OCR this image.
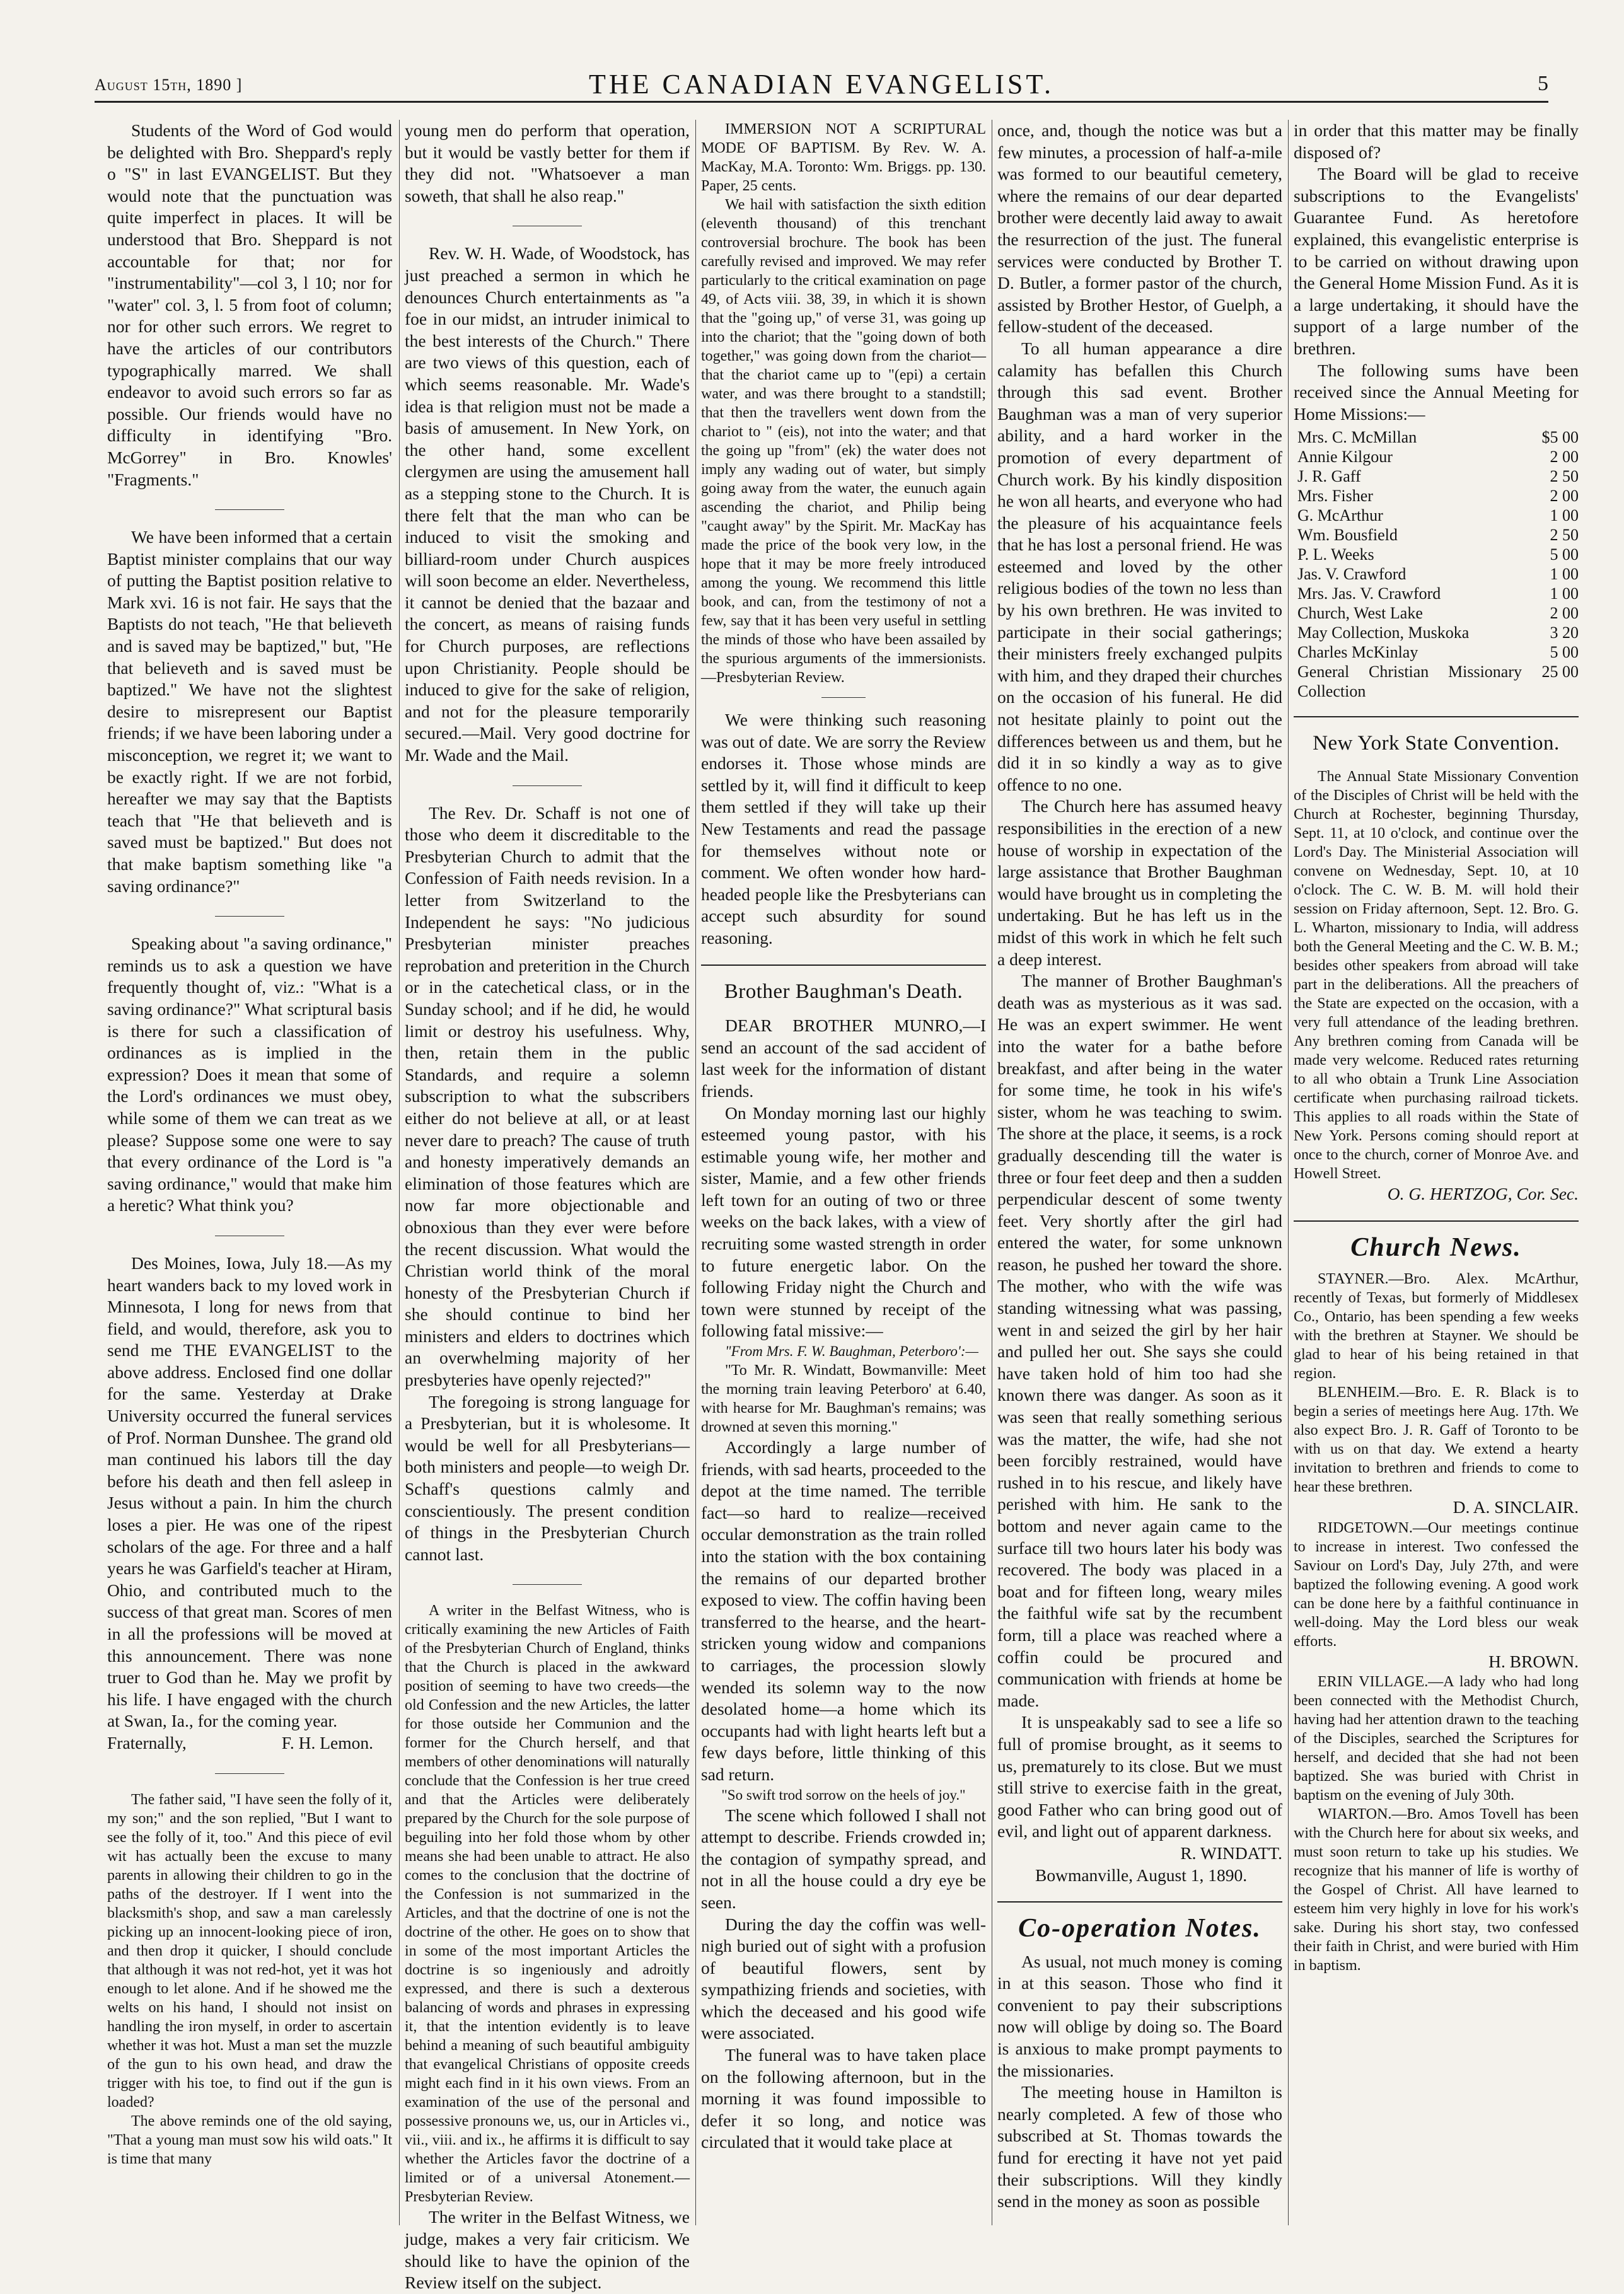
August 15th, 1890 ]	THE CANADIAN EVANGELIST.	5

Students of the Word of God would be delighted with Bro. Sheppard's reply o "S" in last EVANGELIST. But they would note that the punctuation was quite imperfect in places. It will be understood that Bro. Sheppard is not accountable for that; nor for "instrumentability"—col 3, l 10; nor for "water" col. 3, l. 5 from foot of column; nor for other such errors. We regret to have the articles of our contributors typographically marred. We shall endeavor to avoid such errors so far as possible. Our friends would have no difficulty in identifying "Bro. McGorrey" in Bro. Knowles' "Fragments."

We have been informed that a certain Baptist minister complains that our way of putting the Baptist position relative to Mark xvi. 16 is not fair. He says that the Baptists do not teach, "He that believeth and is saved may be baptized," but, "He that believeth and is saved must be baptized." We have not the slightest desire to misrepresent our Baptist friends; if we have been laboring under a misconception, we regret it; we want to be exactly right. If we are not forbid, hereafter we may say that the Baptists teach that "He that believeth and is saved must be baptized." But does not that make baptism something like "a saving ordinance?"

Speaking about "a saving ordinance," reminds us to ask a question we have frequently thought of, viz.: "What is a saving ordinance?" What scriptural basis is there for such a classification of ordinances as is implied in the expression? Does it mean that some of the Lord's ordinances we must obey, while some of them we can treat as we please? Suppose some one were to say that every ordinance of the Lord is "a saving ordinance," would that make him a heretic? What think you?

Des Moines, Iowa, July 18.—As my heart wanders back to my loved work in Minnesota, I long for news from that field, and would, therefore, ask you to send me THE EVANGELIST to the above address. Enclosed find one dollar for the same. Yesterday at Drake University occurred the funeral services of Prof. Norman Dunshee. The grand old man continued his labors till the day before his death and then fell asleep in Jesus without a pain. In him the church loses a pier. He was one of the ripest scholars of the age. For three and a half years he was Garfield's teacher at Hiram, Ohio, and contributed much to the success of that great man. Scores of men in all the professions will be moved at this announcement. There was none truer to God than he. May we profit by his life. I have engaged with the church at Swan, Ia., for the coming year.

Fraternally,	F. H. Lemon.

The father said, "I have seen the folly of it, my son;" and the son replied, "But I want to see the folly of it, too." And this piece of evil wit has actually been the excuse to many parents in allowing their children to go in the paths of the destroyer. If I went into the blacksmith's shop, and saw a man carelessly picking up an innocent-looking piece of iron, and then drop it quicker, I should conclude that although it was not red-hot, yet it was hot enough to let alone. And if he showed me the welts on his hand, I should not insist on handling the iron myself, in order to ascertain whether it was hot. Must a man set the muzzle of the gun to his own head, and draw the trigger with his toe, to find out if the gun is loaded?

The above reminds one of the old saying, "That a young man must sow his wild oats." It is time that many

young men do perform that operation, but it would be vastly better for them if they did not. "Whatsoever a man soweth, that shall he also reap."

Rev. W. H. Wade, of Woodstock, has just preached a sermon in which he denounces Church entertainments as "a foe in our midst, an intruder inimical to the best interests of the Church." There are two views of this question, each of which seems reasonable. Mr. Wade's idea is that religion must not be made a basis of amusement. In New York, on the other hand, some excellent clergymen are using the amusement hall as a stepping stone to the Church. It is there felt that the man who can be induced to visit the smoking and billiard-room under Church auspices will soon become an elder. Nevertheless, it cannot be denied that the bazaar and the concert, as means of raising funds for Church purposes, are reflections upon Christianity. People should be induced to give for the sake of religion, and not for the pleasure temporarily secured.—Mail. Very good doctrine for Mr. Wade and the Mail.

The Rev. Dr. Schaff is not one of those who deem it discreditable to the Presbyterian Church to admit that the Confession of Faith needs revision. In a letter from Switzerland to the Independent he says: "No judicious Presbyterian minister preaches reprobation and preterition in the Church or in the catechetical class, or in the Sunday school; and if he did, he would limit or destroy his usefulness. Why, then, retain them in the public Standards, and require a solemn subscription to what the subscribers either do not believe at all, or at least never dare to preach? The cause of truth and honesty imperatively demands an elimination of those features which are now far more objectionable and obnoxious than they ever were before the recent discussion. What would the Christian world think of the moral honesty of the Presbyterian Church if she should continue to bind her ministers and elders to doctrines which an overwhelming majority of her presbyteries have openly rejected?"

The foregoing is strong language for a Presbyterian, but it is wholesome. It would be well for all Presbyterians—both ministers and people—to weigh Dr. Schaff's questions calmly and conscientiously. The present condition of things in the Presbyterian Church cannot last.

A writer in the Belfast Witness, who is critically examining the new Articles of Faith of the Presbyterian Church of England, thinks that the Church is placed in the awkward position of seeming to have two creeds—the old Confession and the new Articles, the latter for those outside her Communion and the former for the Church herself, and that members of other denominations will naturally conclude that the Confession is her true creed and that the Articles were deliberately prepared by the Church for the sole purpose of beguiling into her fold those whom by other means she had been unable to attract. He also comes to the conclusion that the doctrine of the Confession is not summarized in the Articles, and that the doctrine of one is not the doctrine of the other. He goes on to show that in some of the most important Articles the doctrine is so ingeniously and adroitly expressed, and there is such a dexterous balancing of words and phrases in expressing it, that the intention evidently is to leave behind a meaning of such beautiful ambiguity that evangelical Christians of opposite creeds might each find in it his own views. From an examination of the use of the personal and possessive pronouns we, us, our in Articles vi., vii., viii. and ix., he affirms it is difficult to say whether the Articles favor the doctrine of a limited or of a universal Atonement.—Presbyterian Review.

The writer in the Belfast Witness, we judge, makes a very fair criticism. We should like to have the opinion of the Review itself on the subject.

IMMERSION NOT A SCRIPTURAL MODE OF BAPTISM. By Rev. W. A. MacKay, M.A. Toronto: Wm. Briggs. pp. 130. Paper, 25 cents.

We hail with satisfaction the sixth edition (eleventh thousand) of this trenchant controversial brochure. The book has been carefully revised and improved. We may refer particularly to the critical examination on page 49, of Acts viii. 38, 39, in which it is shown that the "going up," of verse 31, was going up into the chariot; that the "going down of both together," was going down from the chariot—that the chariot came up to "(epi) a certain water, and was there brought to a standstill; that then the travellers went down from the chariot to " (eis), not into the water; and that the going up "from" (ek) the water does not imply any wading out of water, but simply going away from the water, the eunuch again ascending the chariot, and Philip being "caught away" by the Spirit. Mr. MacKay has made the price of the book very low, in the hope that it may be more freely introduced among the young. We recommend this little book, and can, from the testimony of not a few, say that it has been very useful in settling the minds of those who have been assailed by the spurious arguments of the immersionists.—Presbyterian Review.

We were thinking such reasoning was out of date. We are sorry the Review endorses it. Those whose minds are settled by it, will find it difficult to keep them settled if they will take up their New Testaments and read the passage for themselves without note or comment. We often wonder how hard-headed people like the Presbyterians can accept such absurdity for sound reasoning.

Brother Baughman's Death.

DEAR BROTHER MUNRO,—I send an account of the sad accident of last week for the information of distant friends.

On Monday morning last our highly esteemed young pastor, with his estimable young wife, her mother and sister, Mamie, and a few other friends left town for an outing of two or three weeks on the back lakes, with a view of recruiting some wasted strength in order to future energetic labor. On the following Friday night the Church and town were stunned by receipt of the following fatal missive:—

"From Mrs. F. W. Baughman, Peterboro':—

"To Mr. R. Windatt, Bowmanville: Meet the morning train leaving Peterboro' at 6.40, with hearse for Mr. Baughman's remains; was drowned at seven this morning."

Accordingly a large number of friends, with sad hearts, proceeded to the depot at the time named. The terrible fact—so hard to realize—received occular demonstration as the train rolled into the station with the box containing the remains of our departed brother exposed to view. The coffin having been transferred to the hearse, and the heart-stricken young widow and companions to carriages, the procession slowly wended its solemn way to the now desolated home—a home which its occupants had with light hearts left but a few days before, little thinking of this sad return.

"So swift trod sorrow on the heels of joy."

The scene which followed I shall not attempt to describe. Friends crowded in; the contagion of sympathy spread, and not in all the house could a dry eye be seen.

During the day the coffin was well-nigh buried out of sight with a profusion of beautiful flowers, sent by sympathizing friends and societies, with which the deceased and his good wife were associated.

The funeral was to have taken place on the following afternoon, but in the morning it was found impossible to defer it so long, and notice was circulated that it would take place at

once, and, though the notice was but a few minutes, a procession of half-a-mile was formed to our beautiful cemetery, where the remains of our dear departed brother were decently laid away to await the resurrection of the just. The funeral services were conducted by Brother T. D. Butler, a former pastor of the church, assisted by Brother Hestor, of Guelph, a fellow-student of the deceased.

To all human appearance a dire calamity has befallen this Church through this sad event. Brother Baughman was a man of very superior ability, and a hard worker in the promotion of every department of Church work. By his kindly disposition he won all hearts, and everyone who had the pleasure of his acquaintance feels that he has lost a personal friend. He was esteemed and loved by the other religious bodies of the town no less than by his own brethren. He was invited to participate in their social gatherings; their ministers freely exchanged pulpits with him, and they draped their churches on the occasion of his funeral. He did not hesitate plainly to point out the differences between us and them, but he did it in so kindly a way as to give offence to no one.

The Church here has assumed heavy responsibilities in the erection of a new house of worship in expectation of the large assistance that Brother Baughman would have brought us in completing the undertaking. But he has left us in the midst of this work in which he felt such a deep interest.

The manner of Brother Baughman's death was as mysterious as it was sad. He was an expert swimmer. He went into the water for a bathe before breakfast, and after being in the water for some time, he took in his wife's sister, whom he was teaching to swim. The shore at the place, it seems, is a rock gradually descending till the water is three or four feet deep and then a sudden perpendicular descent of some twenty feet. Very shortly after the girl had entered the water, for some unknown reason, he pushed her toward the shore. The mother, who with the wife was standing witnessing what was passing, went in and seized the girl by her hair and pulled her out. She says she could have taken hold of him too had she known there was danger. As soon as it was seen that really something serious was the matter, the wife, had she not been forcibly restrained, would have rushed in to his rescue, and likely have perished with him. He sank to the bottom and never again came to the surface till two hours later his body was recovered. The body was placed in a boat and for fifteen long, weary miles the faithful wife sat by the recumbent form, till a place was reached where a coffin could be procured and communication with friends at home be made.

It is unspeakably sad to see a life so full of promise brought, as it seems to us, prematurely to its close. But we must still strive to exercise faith in the great, good Father who can bring good out of evil, and light out of apparent darkness.

R. WINDATT.

Bowmanville, August 1, 1890.

Co-operation Notes.

As usual, not much money is coming in at this season. Those who find it convenient to pay their subscriptions now will oblige by doing so. The Board is anxious to make prompt payments to the missionaries.

The meeting house in Hamilton is nearly completed. A few of those who subscribed at St. Thomas towards the fund for erecting it have not yet paid their subscriptions. Will they kindly send in the money as soon as possible

in order that this matter may be finally disposed of?

The Board will be glad to receive subscriptions to the Evangelists' Guarantee Fund. As heretofore explained, this evangelistic enterprise is to be carried on without drawing upon the General Home Mission Fund. As it is a large undertaking, it should have the support of a large number of the brethren.

The following sums have been received since the Annual Meeting for Home Missions:—

Mrs. C. McMillan	$5 00
Annie Kilgour	2 00
J. R. Gaff	2 50
Mrs. Fisher	2 00
G. McArthur	1 00
Wm. Bousfield	2 50
P. L. Weeks	5 00
Jas. V. Crawford	1 00
Mrs. Jas. V. Crawford	1 00
Church, West Lake	2 00
May Collection, Muskoka	3 20
Charles McKinlay	5 00
General Christian Missionary Collection	25 00
New York State Convention.

The Annual State Missionary Convention of the Disciples of Christ will be held with the Church at Rochester, beginning Thursday, Sept. 11, at 10 o'clock, and continue over the Lord's Day. The Ministerial Association will convene on Wednesday, Sept. 10, at 10 o'clock. The C. W. B. M. will hold their session on Friday afternoon, Sept. 12. Bro. G. L. Wharton, missionary to India, will address both the General Meeting and the C. W. B. M.; besides other speakers from abroad will take part in the deliberations. All the preachers of the State are expected on the occasion, with a very full attendance of the leading brethren. Any brethren coming from Canada will be made very welcome. Reduced rates returning to all who obtain a Trunk Line Association certificate when purchasing railroad tickets. This applies to all roads within the State of New York. Persons coming should report at once to the church, corner of Monroe Ave. and Howell Street.

O. G. HERTZOG, Cor. Sec.

Church News.

STAYNER.—Bro. Alex. McArthur, recently of Texas, but formerly of Middlesex Co., Ontario, has been spending a few weeks with the brethren at Stayner. We should be glad to hear of his being retained in that region.

BLENHEIM.—Bro. E. R. Black is to begin a series of meetings here Aug. 17th. We also expect Bro. J. R. Gaff of Toronto to be with us on that day. We extend a hearty invitation to brethren and friends to come to hear these brethren.

D. A. SINCLAIR.

RIDGETOWN.—Our meetings continue to increase in interest. Two confessed the Saviour on Lord's Day, July 27th, and were baptized the following evening. A good work can be done here by a faithful continuance in well-doing. May the Lord bless our weak efforts.

H. BROWN.

ERIN VILLAGE.—A lady who had long been connected with the Methodist Church, having had her attention drawn to the teaching of the Disciples, searched the Scriptures for herself, and decided that she had not been baptized. She was buried with Christ in baptism on the evening of July 30th.

WIARTON.—Bro. Amos Tovell has been with the Church here for about six weeks, and must soon return to take up his studies. We recognize that his manner of life is worthy of the Gospel of Christ. All have learned to esteem him very highly in love for his work's sake. During his short stay, two confessed their faith in Christ, and were buried with Him in baptism.
